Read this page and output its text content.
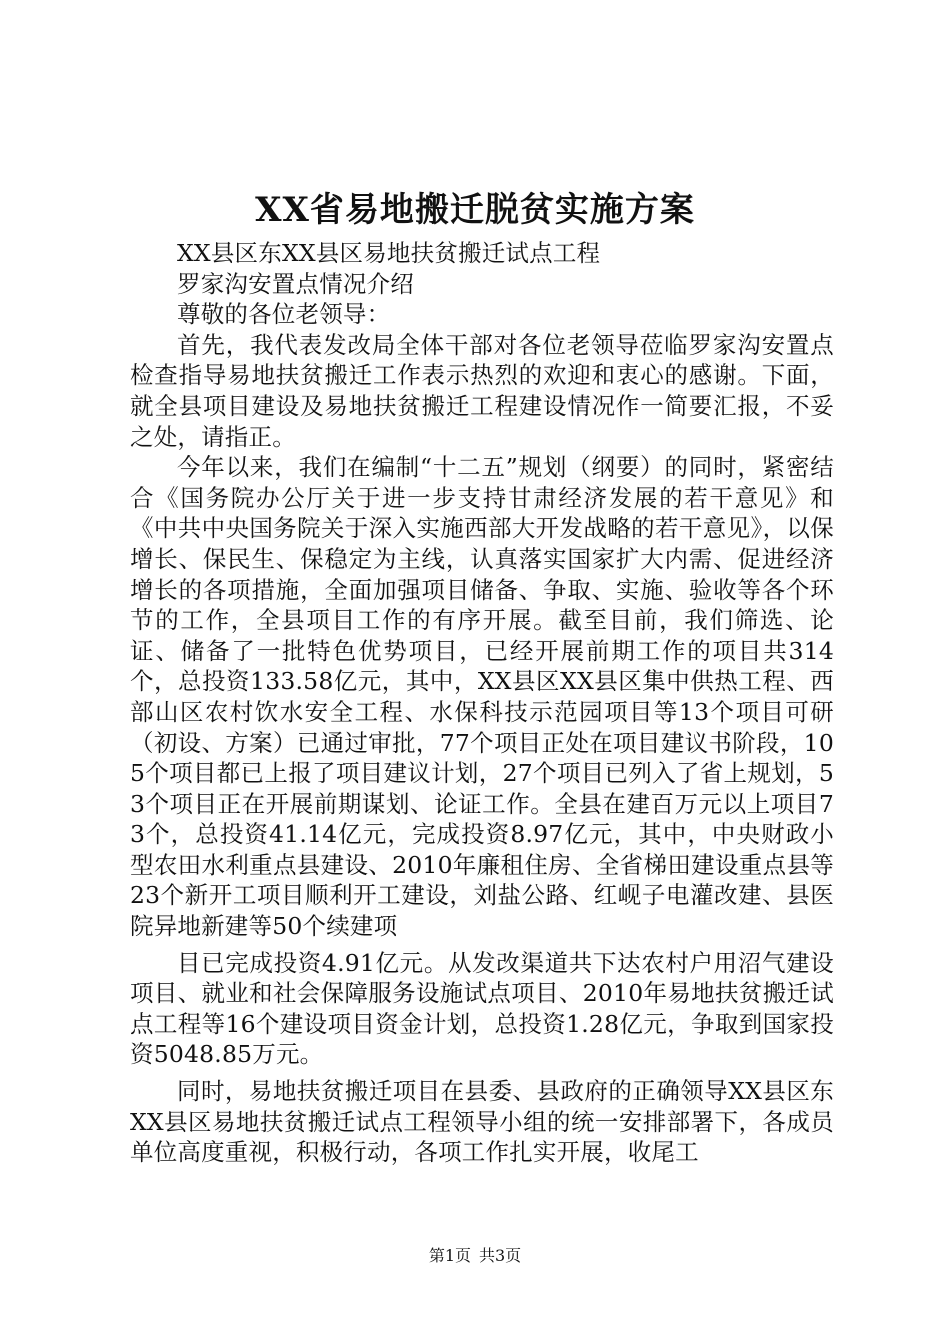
XX省易地搬迁脱贫实施方案

XX县区东XX县区易地扶贫搬迁试点工程

罗家沟安置点情况介绍

尊敬的各位老领导：

首先，我代表发改局全体干部对各位老领导莅临罗家沟安置点检查指导易地扶贫搬迁工作表示热烈的欢迎和衷心的感谢。下面，就全县项目建设及易地扶贫搬迁工程建设情况作一简要汇报，不妥之处，请指正。

今年以来，我们在编制“十二五”规划（纲要）的同时，紧密结合《国务院办公厅关于进一步支持甘肃经济发展的若干意见》和《中共中央国务院关于深入实施西部大开发战略的若干意见》，以保增长、保民生、保稳定为主线，认真落实国家扩大内需、促进经济增长的各项措施，全面加强项目储备、争取、实施、验收等各个环节的工作，全县项目工作的有序开展。截至目前，我们筛选、论证、储备了一批特色优势项目，已经开展前期工作的项目共314个，总投资133.58亿元，其中，XX县区XX县区集中供热工程、西部山区农村饮水安全工程、水保科技示范园项目等13个项目可研（初设、方案）已通过审批，77个项目正处在项目建议书阶段，105个项目都已上报了项目建议计划，27个项目已列入了省上规划，53个项目正在开展前期谋划、论证工作。全县在建百万元以上项目73个，总投资41.14亿元，完成投资8.97亿元，其中，中央财政小型农田水利重点县建设、2010年廉租住房、全省梯田建设重点县等23个新开工项目顺利开工建设，刘盐公路、红岘子电灌改建、县医院异地新建等50个续建项

目已完成投资4.91亿元。从发改渠道共下达农村户用沼气建设项目、就业和社会保障服务设施试点项目、2010年易地扶贫搬迁试点工程等16个建设项目资金计划，总投资1.28亿元，争取到国家投资5048.85万元。

同时，易地扶贫搬迁项目在县委、县政府的正确领导XX县区东XX县区易地扶贫搬迁试点工程领导小组的统一安排部署下，各成员单位高度重视，积极行动，各项工作扎实开展，收尾工

第1页 共3页
